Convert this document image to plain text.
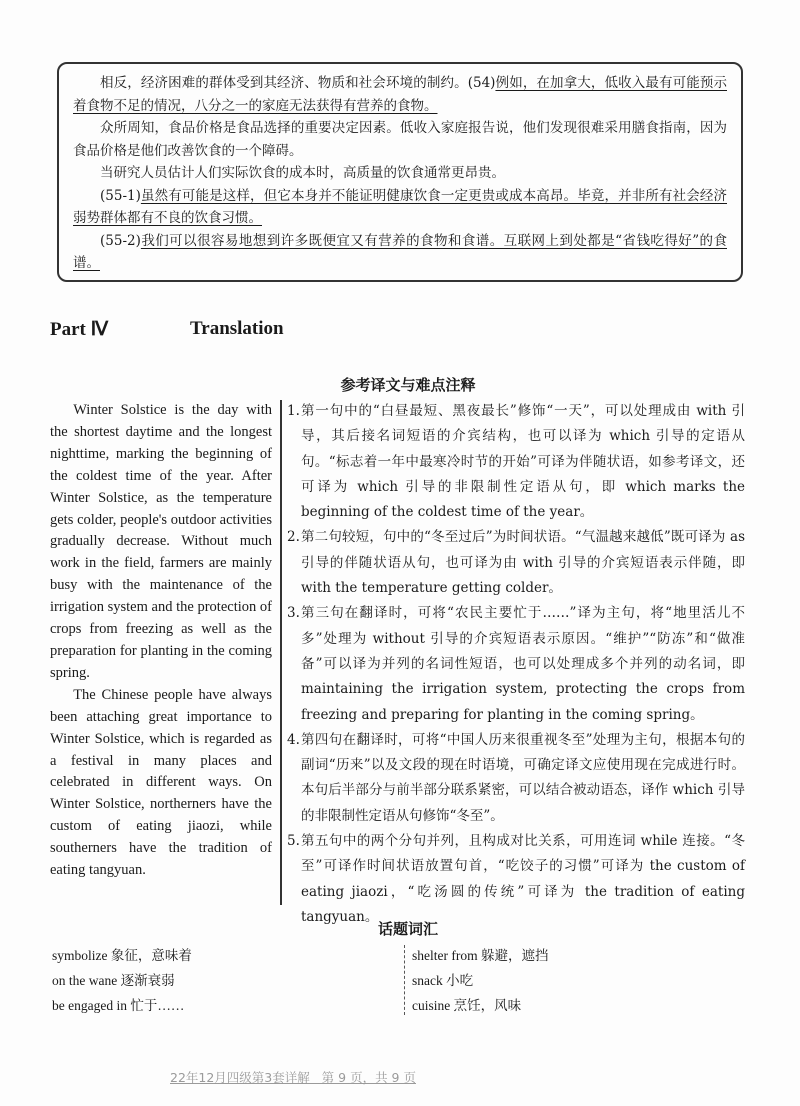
相反，经济困难的群体受到其经济、物质和社会环境的制约。(54)例如，在加拿大，低收入最有可能预示着食物不足的情况，八分之一的家庭无法获得有营养的食物。

众所周知，食品价格是食品选择的重要决定因素。低收入家庭报告说，他们发现很难采用膳食指南，因为食品价格是他们改善饮食的一个障碍。

当研究人员估计人们实际饮食的成本时，高质量的饮食通常更昂贵。

(55-1)虽然有可能是这样，但它本身并不能证明健康饮食一定更贵或成本高昂。毕竟，并非所有社会经济弱势群体都有不良的饮食习惯。

(55-2)我们可以很容易地想到许多既便宜又有营养的食物和食谱。互联网上到处都是“省钱吃得好”的食谱。

Part Ⅳ	Translation
参考译文与难点注释

Winter Solstice is the day with the shortest daytime and the longest nighttime, marking the beginning of the coldest time of the year. After Winter Solstice, as the temperature gets colder, people's outdoor activities gradually decrease. Without much work in the field, farmers are mainly busy with the maintenance of the irrigation system and the protection of crops from freezing as well as the preparation for planting in the coming spring.

The Chinese people have always been attaching great importance to Winter Solstice, which is regarded as a festival in many places and celebrated in different ways. On Winter Solstice, northerners have the custom of eating jiaozi, while southerners have the tradition of eating tangyuan.

1. 第一句中的“白昼最短、黑夜最长”修饰“一天”，可以处理成由 with 引导，其后接名词短语的介宾结构，也可以译为 which 引导的定语从句。“标志着一年中最寒冷时节的开始”可译为伴随状语，如参考译文，还可译为 which 引导的非限制性定语从句，即 which marks the beginning of the coldest time of the year。
2. 第二句较短，句中的“冬至过后”为时间状语。“气温越来越低”既可译为 as 引导的伴随状语从句，也可译为由 with 引导的介宾短语表示伴随，即 with the temperature getting colder。
3. 第三句在翻译时，可将“农民主要忙于……”译为主句，将“地里活儿不多”处理为 without 引导的介宾短语表示原因。“维护”“防冻”和“做准备”可以译为并列的名词性短语，也可以处理成多个并列的动名词，即 maintaining the irrigation system, protecting the crops from freezing and preparing for planting in the coming spring。
4. 第四句在翻译时，可将“中国人历来很重视冬至”处理为主句，根据本句的副词“历来”以及文段的现在时语境，可确定译文应使用现在完成进行时。本句后半部分与前半部分联系紧密，可以结合被动语态，译作 which 引导的非限制性定语从句修饰“冬至”。
5. 第五句中的两个分句并列，且构成对比关系，可用连词 while 连接。“冬至”可译作时间状语放置句首，“吃饺子的习惯”可译为 the custom of eating jiaozi，“吃汤圆的传统”可译为 the tradition of eating tangyuan。
话题词汇
symbolize 象征，意味着
on the wane 逐渐衰弱
be engaged in 忙于……
shelter from 躲避，遮挡
snack 小吃
cuisine 烹饪，风味
22年12月四级第3套详解   第 9 页，共 9 页
